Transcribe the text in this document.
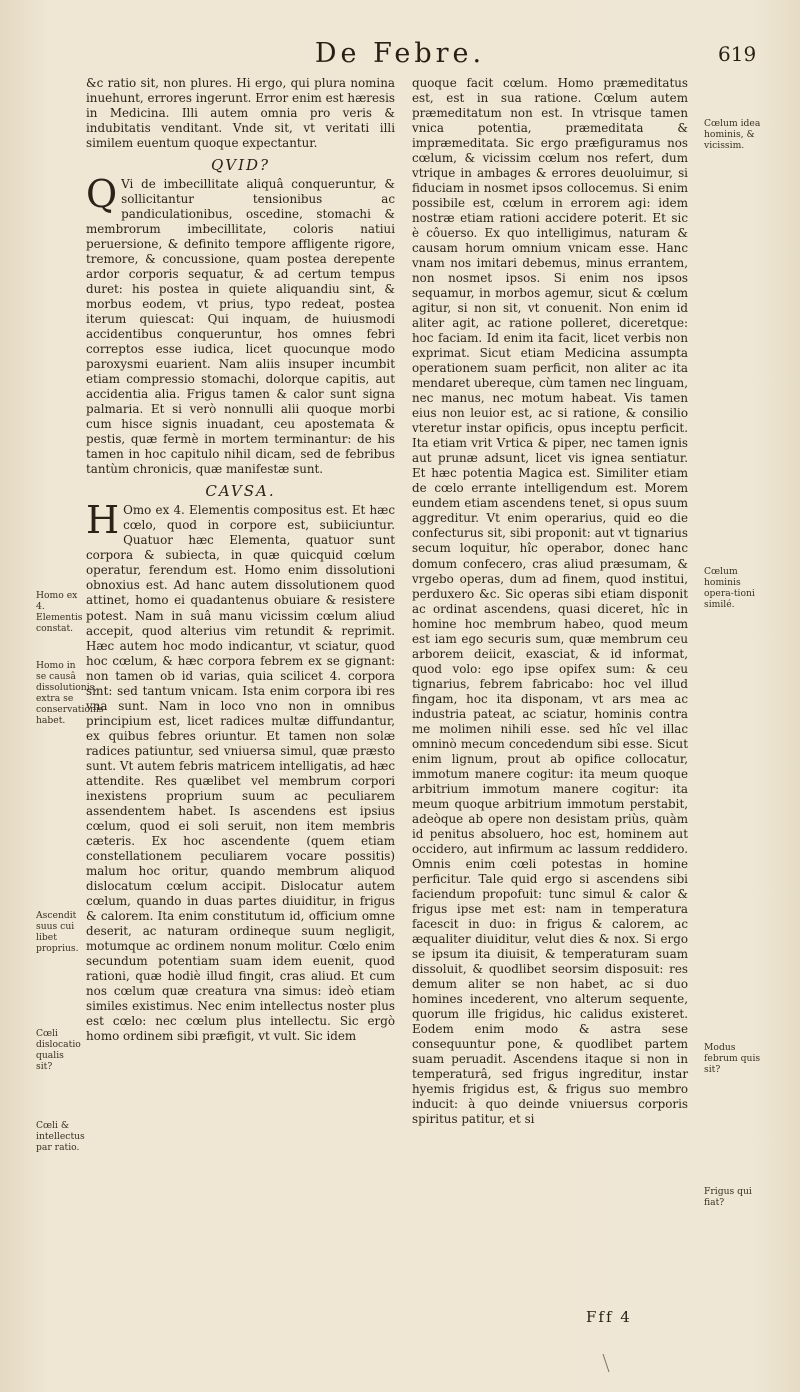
De Febre.	619

&c ratio sit, non plures. Hi ergo, qui plura nomina inuehunt, errores ingerunt. Error enim est hæresis in Medicina. Illi autem omnia pro veris & indubitatis venditant. Vnde sit, vt veritati illi similem euentum quoque expectantur.

QVID?

Q Vi de imbecillitate aliquâ conqueruntur, & sollicitantur tensionibus ac pandiculationibus, oscedine, stomachi & membrorum imbecillitate, coloris natiui peruersione, & definito tempore affligente rigore, tremore, & concussione, quam postea derepente ardor corporis sequatur, & ad certum tempus duret: his postea in quiete aliquandiu sint, & morbus eodem, vt prius, typo redeat, postea iterum quiescat: Qui inquam, de huiusmodi accidentibus conqueruntur, hos omnes febri correptos esse iudica, licet quocunque modo paroxysmi euarient. Nam aliis insuper incumbit etiam compressio stomachi, dolorque capitis, aut accidentia alia. Frigus tamen & calor sunt signa palmaria. Et si verò nonnulli alii quoque morbi cum hisce signis inuadant, ceu apostemata & pestis, quæ fermè in mortem terminantur: de his tamen in hoc capitulo nihil dicam, sed de febribus tantùm chronicis, quæ manifestæ sunt.

CAVSA.

H Omo ex 4. Elementis compositus est. Et hæc cœlo, quod in corpore est, subiiciuntur. Quatuor hæc Elementa, quatuor sunt corpora & subiecta, in quæ quicquid cœlum operatur, ferendum est. Homo enim dissolutioni obnoxius est. Ad hanc autem dissolutionem quod attinet, homo ei quadantenus obuiare & resistere potest. Nam in suâ manu vicissim cœlum aliud accepit, quod alterius vim retundit & reprimit. Hæc autem hoc modo indicantur, vt sciatur, quod hoc cœlum, & hæc corpora febrem ex se gignant: non tamen ob id varias, quia scilicet 4. corpora sint: sed tantum vnicam. Ista enim corpora ibi res vna sunt. Nam in loco vno non in omnibus principium est, licet radices multæ diffundantur, ex quibus febres oriuntur. Et tamen non solæ radices patiuntur, sed vniuersa simul, quæ præsto sunt. Vt autem febris matricem intelligatis, ad hæc attendite. Res quælibet vel membrum corpori inexistens proprium suum ac peculiarem assendentem habet. Is ascendens est ipsius cœlum, quod ei soli seruit, non item membris cæteris. Ex hoc ascendente (quem etiam constellationem peculiarem vocare possitis) malum hoc oritur, quando membrum aliquod dislocatum cœlum accipit. Dislocatur autem cœlum, quando in duas partes diuiditur, in frigus & calorem. Ita enim constitutum id, officium omne deserit, ac naturam ordineque suum negligit, motumque ac ordinem nonum molitur. Cœlo enim secundum potentiam suam idem euenit, quod rationi, quæ hodiè illud fingit, cras aliud. Et cum nos cœlum quæ creatura vna simus: ideò etiam similes existimus. Nec enim intellectus noster plus est cœlo: nec cœlum plus intellectu. Sic ergò homo ordinem sibi præfigit, vt vult. Sic idem

quoque facit cœlum. Homo præmeditatus est, est in sua ratione. Cœlum autem præmeditatum non est. In vtrisque tamen vnica potentia, præmeditata & impræmeditata. Sic ergo præfiguramus nos cœlum, & vicissim cœlum nos refert, dum vtrique in ambages & errores deuoluimur, si fiduciam in nosmet ipsos collocemus. Si enim possibile est, cœlum in errorem agi: idem nostræ etiam rationi accidere poterit. Et sic è côuerso. Ex quo intelligimus, naturam & causam horum omnium vnicam esse. Hanc vnam nos imitari debemus, minus errantem, non nosmet ipsos. Si enim nos ipsos sequamur, in morbos agemur, sicut & cœlum agitur, si non sit, vt conuenit. Non enim id aliter agit, ac ratione polleret, diceretque: hoc faciam. Id enim ita facit, licet verbis non exprimat. Sicut etiam Medicina assumpta operationem suam perficit, non aliter ac ita mendaret ubereque, cùm tamen nec linguam, nec manus, nec motum habeat. Vis tamen eius non leuior est, ac si ratione, & consilio vteretur instar opificis, opus inceptu perficit. Ita etiam vrit Vrtica & piper, nec tamen ignis aut prunæ adsunt, licet vis ignea sentiatur. Et hæc potentia Magica est. Similiter etiam de cœlo errante intelligendum est. Morem eundem etiam ascendens tenet, si opus suum aggreditur. Vt enim operarius, quid eo die confecturus sit, sibi proponit: aut vt tignarius secum loquitur, hîc operabor, donec hanc domum confecero, cras aliud præsumam, & vrgebo operas, dum ad finem, quod institui, perduxero &c. Sic operas sibi etiam disponit ac ordinat ascendens, quasi diceret, hîc in homine hoc membrum habeo, quod meum est iam ego securis sum, quæ membrum ceu arborem deiicit, exasciat, & id informat, quod volo: ego ipse opifex sum: & ceu tignarius, febrem fabricabo: hoc vel illud fingam, hoc ita disponam, vt ars mea ac industria pateat, ac sciatur, hominis contra me molimen nihili esse. sed hîc vel illac omninò mecum concedendum sibi esse. Sicut enim lignum, prout ab opifice collocatur, immotum manere cogitur: ita meum quoque arbitrium immotum manere cogitur: ita meum quoque arbitrium immotum perstabit, adeòque ab opere non desistam priùs, quàm id penitus absoluero, hoc est, hominem aut occidero, aut infirmum ac lassum reddidero. Omnis enim cœli potestas in homine perficitur. Tale quid ergo si ascendens sibi faciendum propofuit: tunc simul & calor & frigus ipse met est: nam in temperatura facescit in duo: in frigus & calorem, ac æqualiter diuiditur, velut dies & nox. Si ergo se ipsum ita diuisit, & temperaturam suam dissoluit, & quodlibet seorsim disposuit: res demum aliter se non habet, ac si duo homines incederent, vno alterum sequente, quorum ille frigidus, hic calidus existeret. Eodem enim modo & astra sese consequuntur pone, & quodlibet partem suam peruadit. Ascendens itaque si non in temperaturâ, sed frigus ingreditur, instar hyemis frigidus est, & frigus suo membro inducit: à quo deinde vniuersus corporis spiritus patitur, et si

Homo ex 4. Elementis constat.
Homo in se causâ dissolutionis, extra se conservationis habet.
Ascendit suus cui libet proprius.
Cœli dislocatio qualis sit?
Cœli & intellectus par ratio.
Cœlum idea hominis, & vicissim.
Cœlum hominis opera-tioni similé.
Modus februm quis sit?
Frigus qui fiat?
Fff 4
